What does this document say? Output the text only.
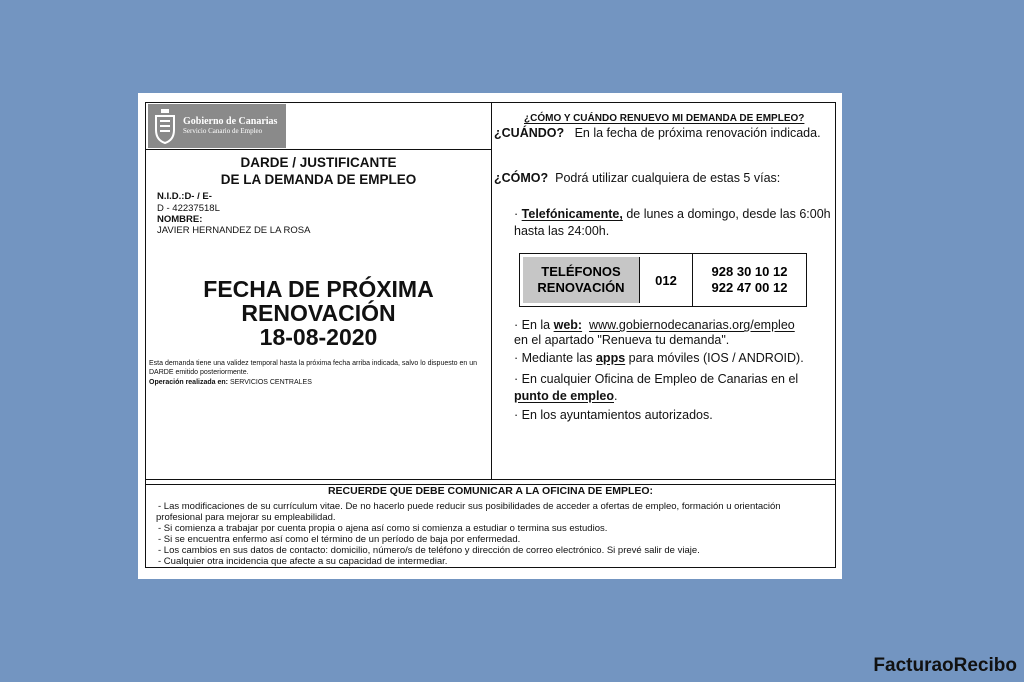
Gobierno de Canarias
Servicio Canario de Empleo
DARDE / JUSTIFICANTE
DE LA DEMANDA DE EMPLEO
N.I.D.:D- / E-
D - 42237518L
NOMBRE:
JAVIER HERNANDEZ DE LA ROSA
FECHA DE PRÓXIMA
RENOVACIÓN
18-08-2020
Esta demanda tiene una validez temporal hasta la próxima fecha arriba indicada, salvo lo dispuesto en un DARDE emitido posteriormente.
Operación realizada en: SERVICIOS CENTRALES
¿CÓMO Y CUÁNDO RENUEVO MI DEMANDA DE EMPLEO?
¿CUÁNDO? En la fecha de próxima renovación indicada.
¿CÓMO? Podrá utilizar cualquiera de estas 5 vías:
· Telefónicamente, de lunes a domingo, desde las 6:00h
hasta las 24:00h.
TELÉFONOS
RENOVACIÓN	012
928 30 10 12
922 47 00 12
· En la web: www.gobiernodecanarias.org/empleo
en el apartado "Renueva tu demanda".
· Mediante las apps para móviles (IOS / ANDROID).
· En cualquier Oficina de Empleo de Canarias en el
punto de empleo.
· En los ayuntamientos autorizados.
RECUERDE QUE DEBE COMUNICAR A LA OFICINA DE EMPLEO:
- Las modificaciones de su currículum vitae. De no hacerlo puede reducir sus posibilidades de acceder a ofertas de empleo, formación u orientación
profesional para mejorar su empleabilidad.
- Si comienza a trabajar por cuenta propia o ajena así como si comienza a estudiar o termina sus estudios.
- Si se encuentra enfermo así como el término de un período de baja por enfermedad.
- Los cambios en sus datos de contacto: domicilio, número/s de teléfono y dirección de correo electrónico. Si prevé salir de viaje.
- Cualquier otra incidencia que afecte a su capacidad de intermediar.
FacturaoRecibo
